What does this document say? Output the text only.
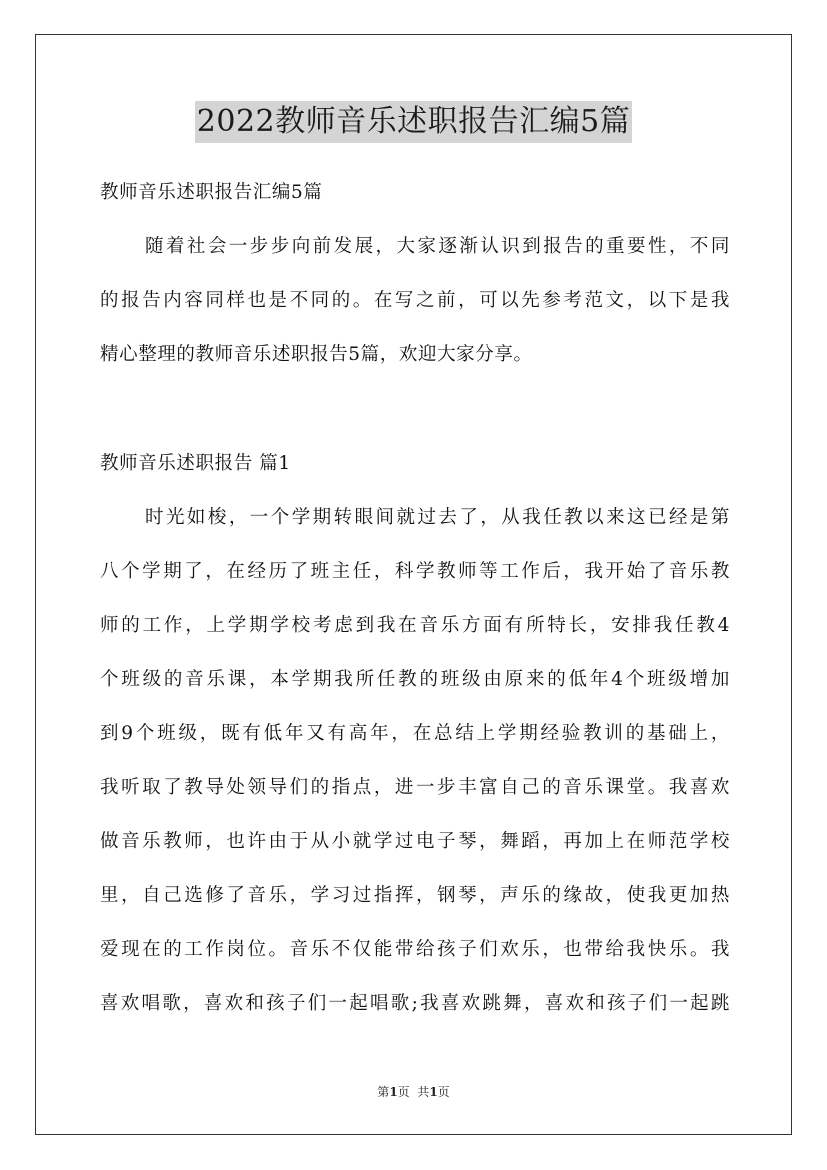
2022教师音乐述职报告汇编5篇
教师音乐述职报告汇编5篇
随着社会一步步向前发展，大家逐渐认识到报告的重要性，不同
的报告内容同样也是不同的。在写之前，可以先参考范文，以下是我
精心整理的教师音乐述职报告5篇，欢迎大家分享。
教师音乐述职报告 篇1
时光如梭，一个学期转眼间就过去了，从我任教以来这已经是第
八个学期了，在经历了班主任，科学教师等工作后，我开始了音乐教
师的工作，上学期学校考虑到我在音乐方面有所特长，安排我任教4
个班级的音乐课，本学期我所任教的班级由原来的低年4个班级增加
到9个班级，既有低年又有高年，在总结上学期经验教训的基础上，
我听取了教导处领导们的指点，进一步丰富自己的音乐课堂。我喜欢
做音乐教师，也许由于从小就学过电子琴，舞蹈，再加上在师范学校
里，自己选修了音乐，学习过指挥，钢琴，声乐的缘故，使我更加热
爱现在的工作岗位。音乐不仅能带给孩子们欢乐，也带给我快乐。我
喜欢唱歌，喜欢和孩子们一起唱歌;我喜欢跳舞，喜欢和孩子们一起跳
第1页  共1页
